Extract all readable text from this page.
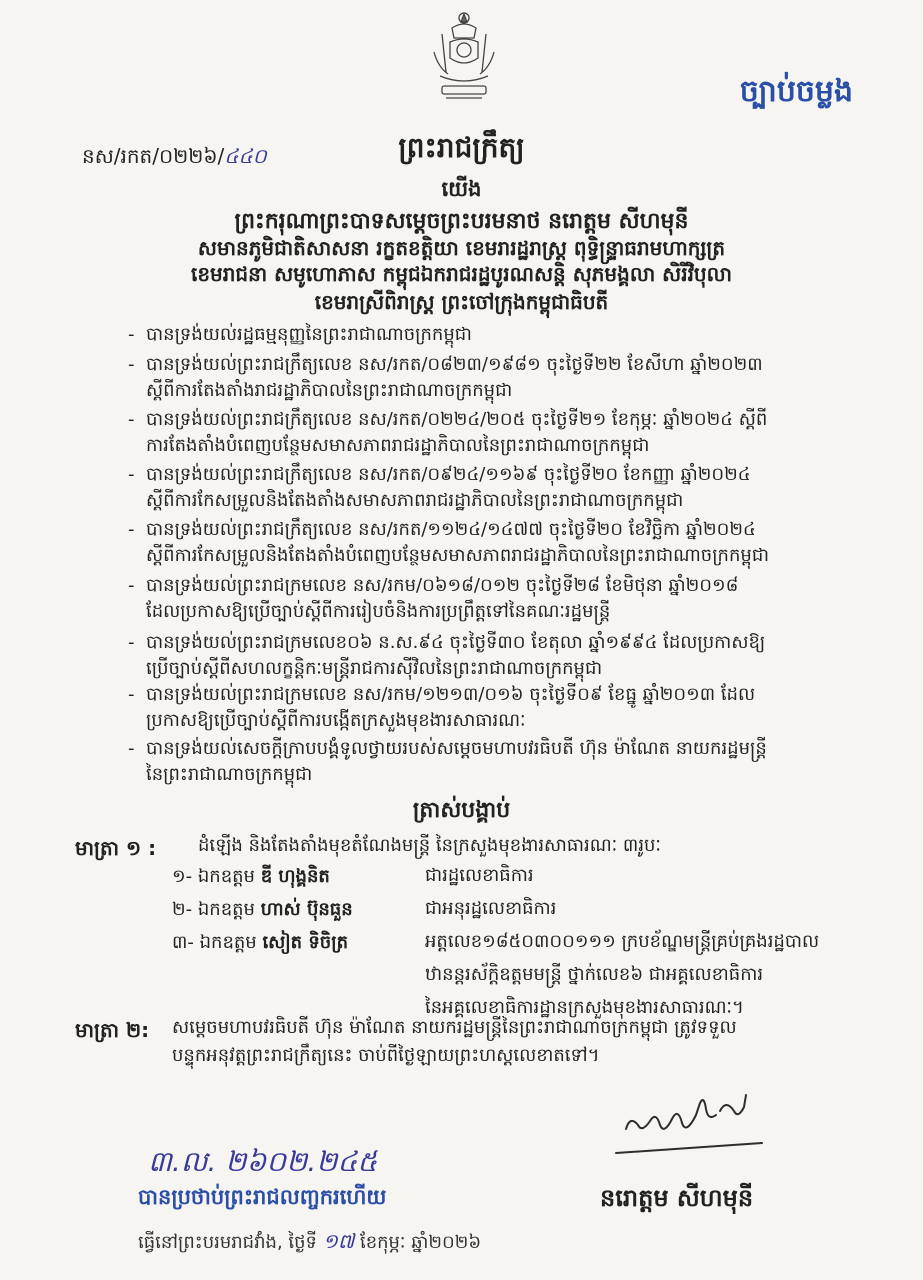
ច្បាប់ចម្លង
នស/រកត/០២២៦/៤៤០	ព្រះរាជក្រឹត្យ
យើង
ព្រះករុណាព្រះបាទសម្ដេចព្រះបរមនាថ នរោត្តម សីហមុនី
សមានភូមិជាតិសាសនា រក្ខតខត្តិយា ខេមរារដ្ឋរាស្ត្រ ពុទ្ធិន្ទ្រាធរាមហាក្សត្រ
ខេមរាជនា សមូហោភាស កម្ពុជឯករាជរដ្ឋបូរណសន្តិ សុភមង្គលា សិរីវិបុលា
ខេមរាស្រីពិរាស្ត្រ ព្រះចៅក្រុងកម្ពុជាធិបតី
- បានទ្រង់យល់រដ្ឋធម្មនុញ្ញនៃព្រះរាជាណាចក្រកម្ពុជា
- បានទ្រង់យល់ព្រះរាជក្រឹត្យលេខ នស/រកត/០៨២៣/១៩៨១ ចុះថ្ងៃទី២២ ខែសីហា ឆ្នាំ២០២៣
ស្តីពីការតែងតាំងរាជរដ្ឋាភិបាលនៃព្រះរាជាណាចក្រកម្ពុជា
- បានទ្រង់យល់ព្រះរាជក្រឹត្យលេខ នស/រកត/០២២៤/២០៥ ចុះថ្ងៃទី២១ ខែកុម្ភៈ ឆ្នាំ២០២៤ ស្តីពី
ការតែងតាំងបំពេញបន្ថែមសមាសភាពរាជរដ្ឋាភិបាលនៃព្រះរាជាណាចក្រកម្ពុជា
- បានទ្រង់យល់ព្រះរាជក្រឹត្យលេខ នស/រកត/០៩២៤/១១៦៩ ចុះថ្ងៃទី២០ ខែកញ្ញា ឆ្នាំ២០២៤
ស្តីពីការកែសម្រួលនិងតែងតាំងសមាសភាពរាជរដ្ឋាភិបាលនៃព្រះរាជាណាចក្រកម្ពុជា
- បានទ្រង់យល់ព្រះរាជក្រឹត្យលេខ នស/រកត/១១២៤/១៤៧៧ ចុះថ្ងៃទី២០ ខែវិច្ឆិកា ឆ្នាំ២០២៤
ស្តីពីការកែសម្រួលនិងតែងតាំងបំពេញបន្ថែមសមាសភាពរាជរដ្ឋាភិបាលនៃព្រះរាជាណាចក្រកម្ពុជា
- បានទ្រង់យល់ព្រះរាជក្រមលេខ នស/រកម/០៦១៨/០១២ ចុះថ្ងៃទី២៨ ខែមិថុនា ឆ្នាំ២០១៨
ដែលប្រកាសឱ្យប្រើច្បាប់ស្តីពីការរៀបចំនិងការប្រព្រឹត្តទៅនៃគណៈរដ្ឋមន្ត្រី
- បានទ្រង់យល់ព្រះរាជក្រមលេខ០៦ ន.ស.៩៤ ចុះថ្ងៃទី៣០ ខែតុលា ឆ្នាំ១៩៩៤ ដែលប្រកាសឱ្យ
ប្រើច្បាប់ស្តីពីសហលក្ខន្តិកៈមន្ត្រីរាជការស៊ីវិលនៃព្រះរាជាណាចក្រកម្ពុជា
- បានទ្រង់យល់ព្រះរាជក្រមលេខ នស/រកម/១២១៣/០១៦ ចុះថ្ងៃទី០៩ ខែធ្នូ ឆ្នាំ២០១៣ ដែល
ប្រកាសឱ្យប្រើច្បាប់ស្តីពីការបង្កើតក្រសួងមុខងារសាធារណៈ
- បានទ្រង់យល់សេចក្តីក្រាបបង្គំទូលថ្វាយរបស់សម្តេចមហាបវរធិបតី ហ៊ុន ម៉ាណែត នាយករដ្ឋមន្ត្រី
នៃព្រះរាជាណាចក្រកម្ពុជា
ត្រាស់បង្គាប់
មាត្រា ១ : ដំឡើង និងតែងតាំងមុខតំណែងមន្ត្រី នៃក្រសួងមុខងារសាធារណៈ ៣រូបៈ
១- ឯកឧត្តម ឌី ហុង្គនិត	ជារដ្ឋលេខាធិការ
២- ឯកឧត្តម ហាស់ ប៊ុនធួន	ជាអនុរដ្ឋលេខាធិការ
៣- ឯកឧត្តម សៀត ទិចិត្រ	អត្តលេខ១៨៥០៣០០១១១ ក្របខ័ណ្ឌមន្ត្រីគ្រប់គ្រងរដ្ឋបាល
ឋានន្តរស័ក្តិឧត្តមមន្ត្រី ថ្នាក់លេខ៦ ជាអគ្គលេខាធិការ
នៃអគ្គលេខាធិការដ្ឋានក្រសួងមុខងារសាធារណៈ។
មាត្រា ២: សម្តេចមហាបវរធិបតី ហ៊ុន ម៉ាណែត នាយករដ្ឋមន្ត្រីនៃព្រះរាជាណាចក្រកម្ពុជា ត្រូវទទួល
បន្ទុកអនុវត្តព្រះរាជក្រឹត្យនេះ ចាប់ពីថ្ងៃឡាយព្រះហស្តលេខាតទៅ។
នរោត្តម សីហមុនី
៣.ល. ២៦០២.២៤៥
បានប្រថាប់ព្រះរាជលញ្ចករហើយ
ធ្វើនៅព្រះបរមរាជវាំង, ថ្ងៃទី ១៧ ខែកុម្ភៈ ឆ្នាំ២០២៦
